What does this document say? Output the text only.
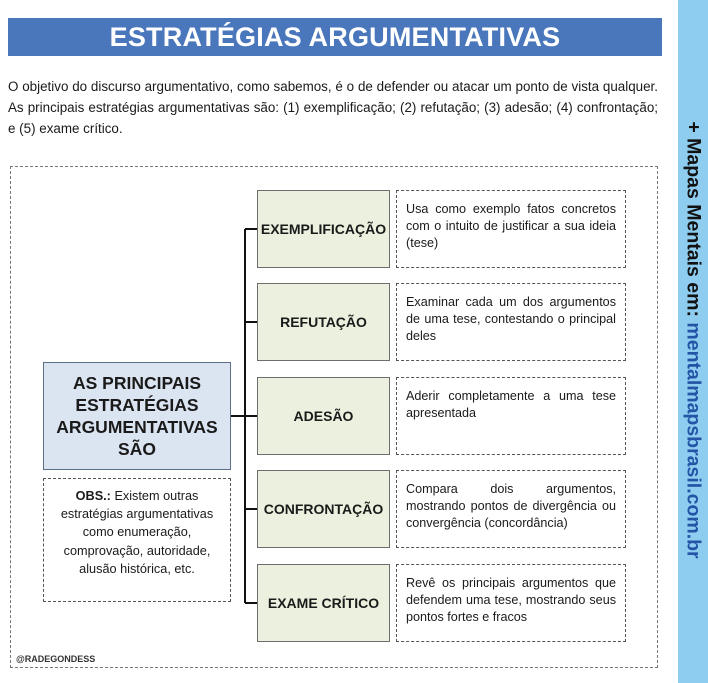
ESTRATÉGIAS ARGUMENTATIVAS
O objetivo do discurso argumentativo, como sabemos, é o de defender ou atacar um ponto de vista qualquer. As principais estratégias argumentativas são: (1) exemplificação; (2) refutação; (3) adesão; (4) confrontação; e (5) exame crítico.
AS PRINCIPAIS ESTRATÉGIAS ARGUMENTATIVAS SÃO
OBS.: Existem outras estratégias argumentativas como enumeração, comprovação, autoridade, alusão histórica, etc.
EXEMPLIFICAÇÃO
Usa como exemplo fatos concretos com o intuito de justificar a sua ideia (tese)
REFUTAÇÃO
Examinar cada um dos argumentos de uma tese, contestando o principal deles
ADESÃO
Aderir completamente a uma tese apresentada
CONFRONTAÇÃO
Compara dois argumentos, mostrando pontos de divergência ou convergência (concordância)
EXAME CRÍTICO
Revê os principais argumentos que defendem uma tese, mostrando seus pontos fortes e fracos
@RADEGONDESS
+ Mapas Mentais em: mentalmapsbrasil.com.br
